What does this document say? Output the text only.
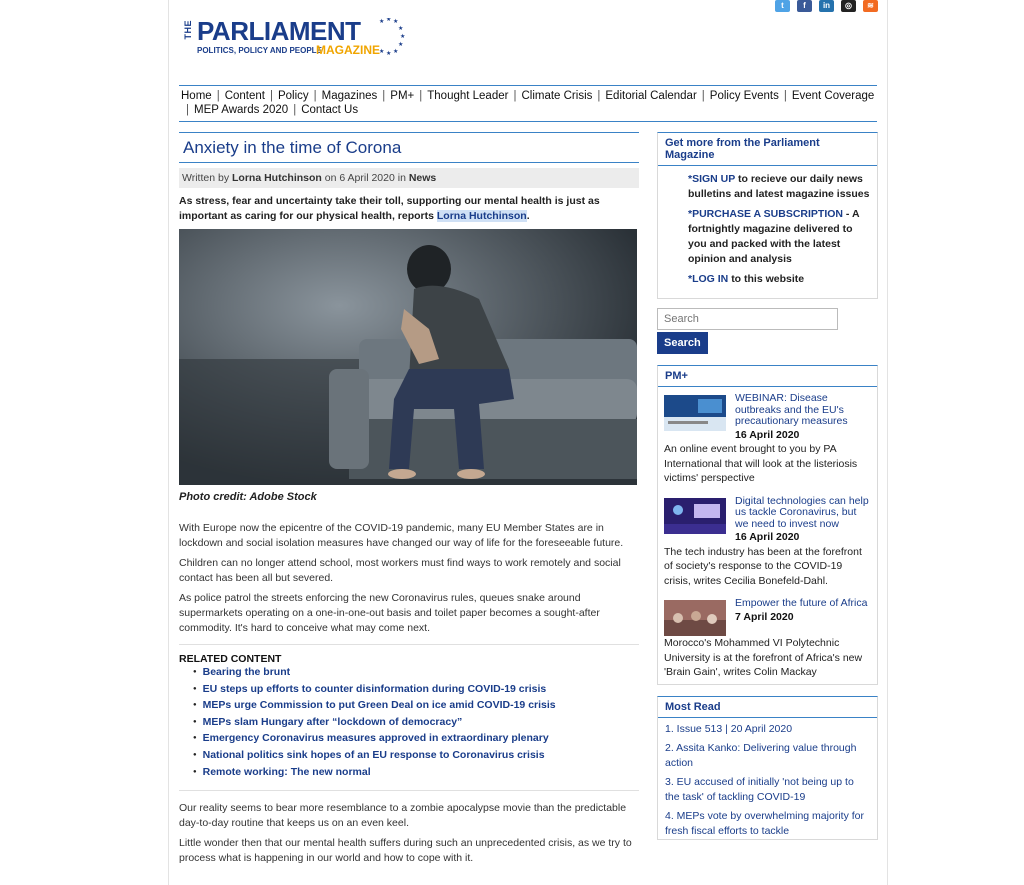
THE PARLIAMENT
POLITICS, POLICY AND PEOPLE
MAGAZINE
★ ★ ★
★
★
★
★
★
★
t	f	in	◎	≋
Home | Content | Policy | Magazines | PM+ | Thought Leader | Climate Crisis | Editorial Calendar | Policy Events | Event Coverage
| MEP Awards 2020 | Contact Us
Anxiety in the time of Corona
Written by Lorna Hutchinson on 6 April 2020 in News

As stress, fear and uncertainty take their toll, supporting our mental health is just as important as caring for our physical health, reports Lorna Hutchinson.

Photo credit: Adobe Stock

With Europe now the epicentre of the COVID-19 pandemic, many EU Member States are in lockdown and social isolation measures have changed our way of life for the foreseeable future.

Children can no longer attend school, most workers must find ways to work remotely and social contact has been all but severed.

As police patrol the streets enforcing the new Coronavirus rules, queues snake around supermarkets operating on a one-in-one-out basis and toilet paper becomes a sought-after commodity. It's hard to conceive what may come next.

RELATED CONTENT
● Bearing the brunt
● EU steps up efforts to counter disinformation during COVID-19 crisis
● MEPs urge Commission to put Green Deal on ice amid COVID-19 crisis
● MEPs slam Hungary after “lockdown of democracy”
● Emergency Coronavirus measures approved in extraordinary plenary
● National politics sink hopes of an EU response to Coronavirus crisis
● Remote working: The new normal

Our reality seems to bear more resemblance to a zombie apocalypse movie than the predictable day-to-day routine that keeps us on an even keel.

Little wonder then that our mental health suffers during such an unprecedented crisis, as we try to process what is happening in our world and how to cope with it.

Get more from the Parliament Magazine

*SIGN UP to recieve our daily news bulletins and latest magazine issues

*PURCHASE A SUBSCRIPTION - A fortnightly magazine delivered to you and packed with the latest opinion and analysis

*LOG IN to this website

Search
Search
PM+
WEBINAR: Disease outbreaks and the EU's precautionary measures
16 April 2020
An online event brought to you by PA International that will look at the listeriosis victims' perspective
Digital technologies can help us tackle Coronavirus, but we need to invest now
16 April 2020
The tech industry has been at the forefront of society's response to the COVID-19 crisis, writes Cecilia Bonefeld-Dahl.
Empower the future of Africa
7 April 2020
Morocco's Mohammed VI Polytechnic University is at the forefront of Africa's new 'Brain Gain', writes Colin Mackay
Most Read
1. Issue 513 | 20 April 2020
2. Assita Kanko: Delivering value through action
3. EU accused of initially 'not being up to the task' of tackling COVID-19
4. MEPs vote by overwhelming majority for fresh fiscal efforts to tackle
